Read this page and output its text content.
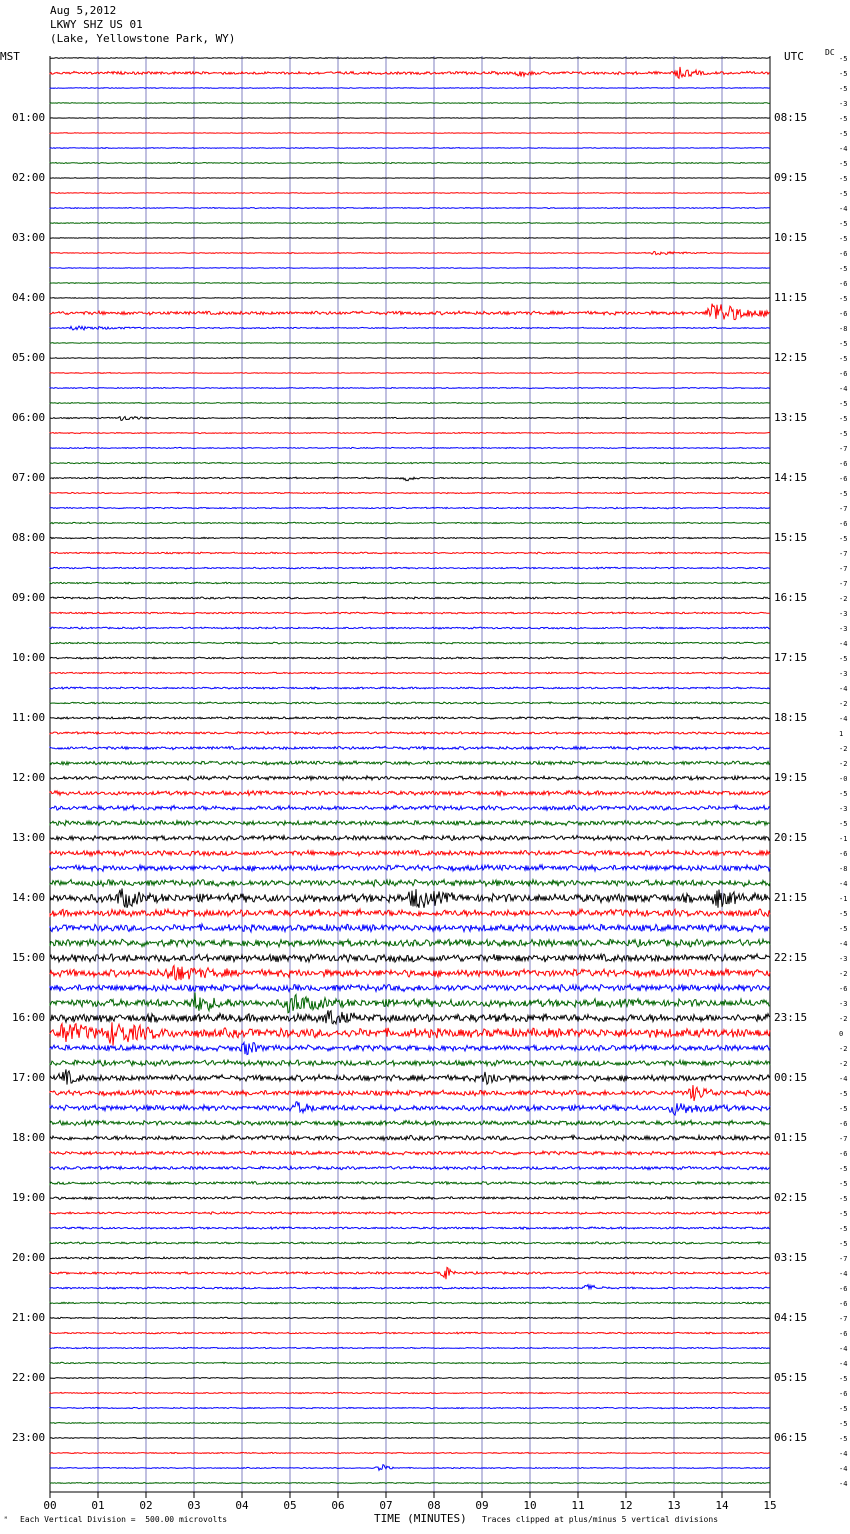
00	01	02	03	04	05	06	07	08	09	10	11	12	13	14	15
-5
-5
-5
-3
-5
-5
-4
-5
-5
-5
-4
-5
-5
-6
-5
-6
-5
-6
-8
-5
-5
-6
-4
-5
-5
-5
-7
-6
-6
-5
-7
-6
-5
-7
-7
-7
-2
-3
-3
-4
-5
-3
-4
-2
-4
1
-2
-2
-0
-5
-3
-5
-1
-6
-8
-4
-1
-5
-5
-4
-3
-2
-6
-3
-2
0
-2
-2
-4
-5
-5
-6
-7
-6
-5
-5
-5
-5
-5
-5
-7
-4
-6
-6
-7
-6
-4
-4
-5
-6
-5
-5
-5
-4
-4
-4
Aug 5,2012
LKWY SHZ US 01
(Lake, Yellowstone Park, WY)
MST	UTC	DC
01:00
02:00
03:00
04:00
05:00
06:00
07:00
08:00
09:00
10:00
11:00
12:00
13:00
14:00
15:00
16:00
17:00
18:00
19:00
20:00
21:00
22:00
23:00
08:15
09:15
10:15
11:15
12:15
13:15
14:15
15:15
16:15
17:15
18:15
19:15
20:15
21:15
22:15
23:15
00:15
01:15
02:15
03:15
04:15
05:15
06:15
ᴹ Each Vertical Division =  500.00 microvolts	TIME (MINUTES) Traces clipped at plus/minus 5 vertical divisions
